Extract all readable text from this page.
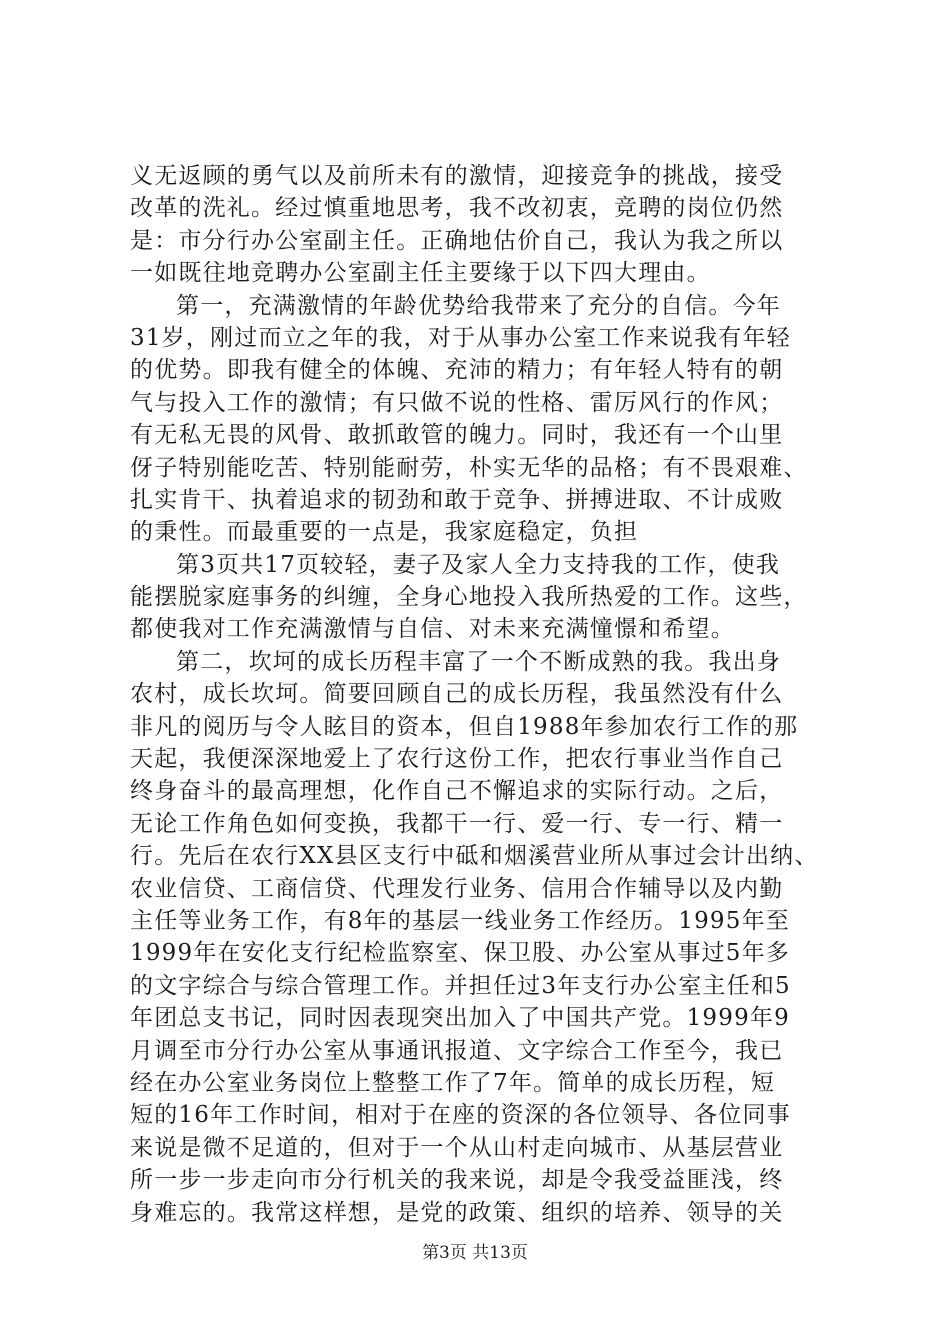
义无返顾的勇气以及前所未有的激情，迎接竞争的挑战，接受
改革的洗礼。经过慎重地思考，我不改初衷，竞聘的岗位仍然
是：市分行办公室副主任。正确地估价自己，我认为我之所以
一如既往地竞聘办公室副主任主要缘于以下四大理由。
第一，充满激情的年龄优势给我带来了充分的自信。今年
31岁，刚过而立之年的我，对于从事办公室工作来说我有年轻
的优势。即我有健全的体魄、充沛的精力；有年轻人特有的朝
气与投入工作的激情；有只做不说的性格、雷厉风行的作风；
有无私无畏的风骨、敢抓敢管的魄力。同时，我还有一个山里
伢子特别能吃苦、特别能耐劳，朴实无华的品格；有不畏艰难、
扎实肯干、执着追求的韧劲和敢于竞争、拼搏进取、不计成败
的秉性。而最重要的一点是，我家庭稳定，负担
第3页共17页较轻，妻子及家人全力支持我的工作，使我
能摆脱家庭事务的纠缠，全身心地投入我所热爱的工作。这些，
都使我对工作充满激情与自信、对未来充满憧憬和希望。
第二，坎坷的成长历程丰富了一个不断成熟的我。我出身
农村，成长坎坷。简要回顾自己的成长历程，我虽然没有什么
非凡的阅历与令人眩目的资本，但自1988年参加农行工作的那
天起，我便深深地爱上了农行这份工作，把农行事业当作自己
终身奋斗的最高理想，化作自己不懈追求的实际行动。之后，
无论工作角色如何变换，我都干一行、爱一行、专一行、精一
行。先后在农行XX县区支行中砥和烟溪营业所从事过会计出纳、
农业信贷、工商信贷、代理发行业务、信用合作辅导以及内勤
主任等业务工作，有8年的基层一线业务工作经历。1995年至
1999年在安化支行纪检监察室、保卫股、办公室从事过5年多
的文字综合与综合管理工作。并担任过3年支行办公室主任和5
年团总支书记，同时因表现突出加入了中国共产党。1999年9
月调至市分行办公室从事通讯报道、文字综合工作至今，我已
经在办公室业务岗位上整整工作了7年。简单的成长历程，短
短的16年工作时间，相对于在座的资深的各位领导、各位同事
来说是微不足道的，但对于一个从山村走向城市、从基层营业
所一步一步走向市分行机关的我来说，却是令我受益匪浅，终
身难忘的。我常这样想，是党的政策、组织的培养、领导的关
第3页 共13页
